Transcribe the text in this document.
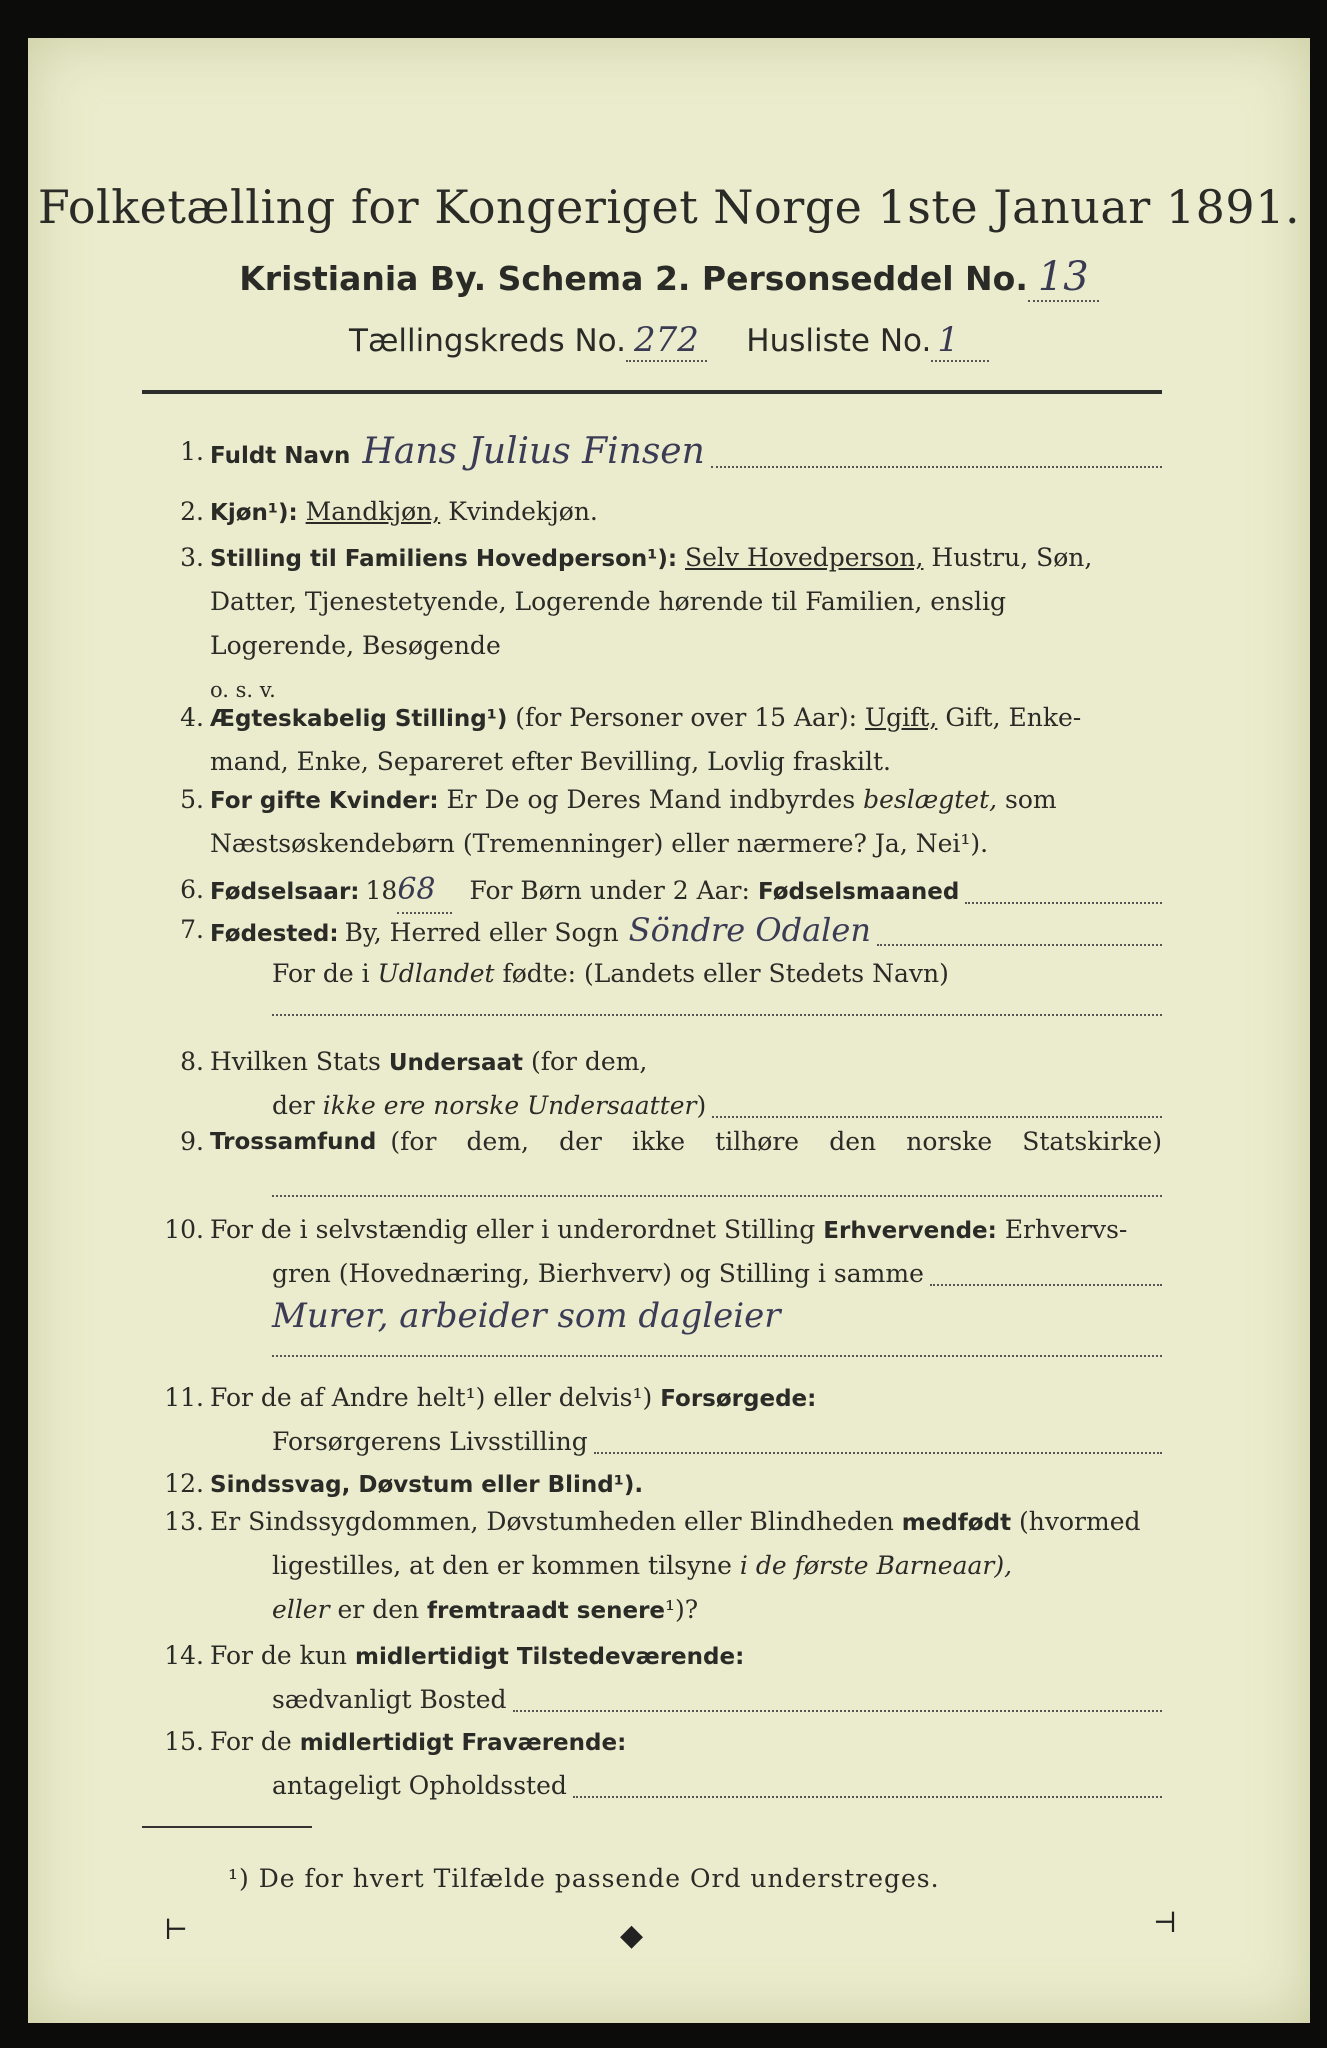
Folketælling for Kongeriget Norge 1ste Januar 1891.
Kristiania By. Schema 2. Personseddel No. 13
Tællingskreds No. 272 Husliste No. 1
1. Fuldt Navn Hans Julius Finsen
2. Kjøn¹): Mandkjøn, Kvindekjøn.
3. Stilling til Familiens Hovedperson¹): Selv Hovedperson, Hustru, Søn,
Datter, Tjenestetyende, Logerende hørende til Familien, enslig
Logerende, Besøgende
o. s. v.
4. Ægteskabelig Stilling¹) (for Personer over 15 Aar): Ugift, Gift, Enke-
mand, Enke, Separeret efter Bevilling, Lovlig fraskilt.
5. For gifte Kvinder: Er De og Deres Mand indbyrdes beslægtet, som
Næstsøskendebørn (Tremenninger) eller nærmere? Ja, Nei¹).
6. Fødselsaar: 18 68	For Børn under 2 Aar: Fødselsmaaned
7. Fødested: By, Herred eller Sogn Söndre Odalen
For de i Udlandet fødte: (Landets eller Stedets Navn)
8. Hvilken Stats Undersaat (for dem,
der ikke ere norske Undersaatter )
9. Trossamfund (for dem, der ikke tilhøre den norske Statskirke)
10. For de i selvstændig eller i underordnet Stilling Erhvervende: Erhvervs-
gren (Hovednæring, Bierhverv) og Stilling i samme
Murer, arbeider som dagleier
11. For de af Andre helt¹) eller delvis¹) Forsørgede:
Forsørgerens Livsstilling
12. Sindssvag, Døvstum eller Blind¹).
13. Er Sindssygdommen, Døvstumheden eller Blindheden medfødt (hvormed
ligestilles, at den er kommen tilsyne i de første Barneaar),
eller er den fremtraadt senere¹)?
14. For de kun midlertidigt Tilstedeværende:
sædvanligt Bosted
15. For de midlertidigt Fraværende:
antageligt Opholdssted
¹) De for hvert Tilfælde passende Ord understreges.
⊢	◆	⊣
